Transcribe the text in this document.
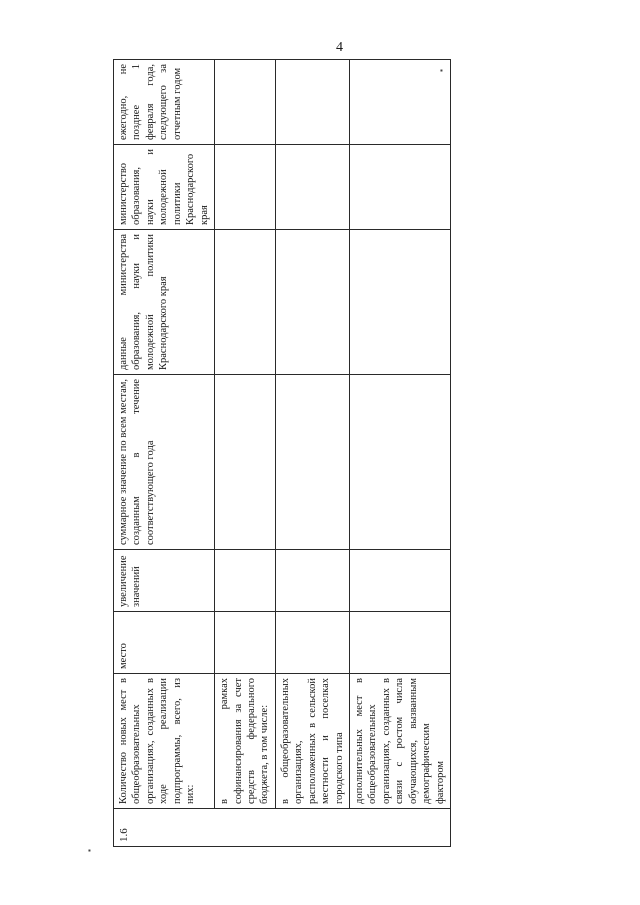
4
▪
▪
1.6	Количество новых мест в общеобразовательных организациях, созданных в ходе реализации подпрограммы, всего, из них:	место	увеличение значений	суммарное значение по всем местам, созданным в течение соответствующего года	данные министерства образования, науки и молодежной политики Краснодарского края	министерство образования, науки и молодежной политики Краснодарского края	ежегодно, не позднее 1 февраля года, следующего за отчетным годом
	в рамках софинансирования за счет средств федерального бюджета, в том числе:						
	в общеобразовательных организациях, расположенных в сельской местности и поселках городского типа						
	дополнительных мест в общеобразовательных организациях, созданных в связи с ростом числа обучающихся, вызванным демографическим фактором						
